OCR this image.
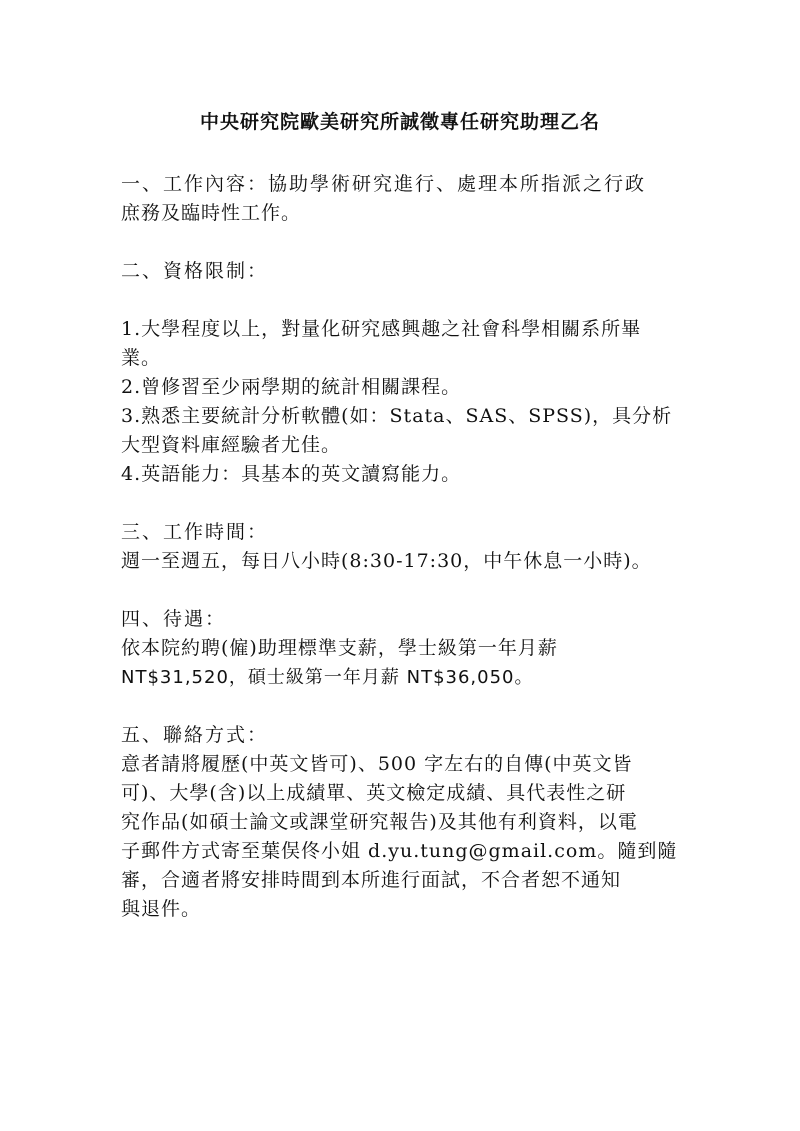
中央研究院歐美研究所誠徵專任研究助理乙名
一、工作內容：協助學術研究進行、處理本所指派之行政
庶務及臨時性工作。
二、資格限制：
1.大學程度以上，對量化研究感興趣之社會科學相關系所畢
業。
2.曾修習至少兩學期的統計相關課程。
3.熟悉主要統計分析軟體(如：Stata、SAS、SPSS)，具分析
大型資料庫經驗者尤佳。
4.英語能力：具基本的英文讀寫能力。
三、工作時間：
週一至週五，每日八小時(8:30-17:30，中午休息一小時)。
四、待遇：
依本院約聘(僱)助理標準支薪，學士級第一年月薪
NT$31,520，碩士級第一年月薪 NT$36,050。
五、聯絡方式：
意者請將履歷(中英文皆可)、500 字左右的自傳(中英文皆
可)、大學(含)以上成績單、英文檢定成績、具代表性之研
究作品(如碩士論文或課堂研究報告)及其他有利資料，以電
子郵件方式寄至葉俣佟小姐 d.yu.tung@gmail.com。隨到隨
審，合適者將安排時間到本所進行面試，不合者恕不通知
與退件。
